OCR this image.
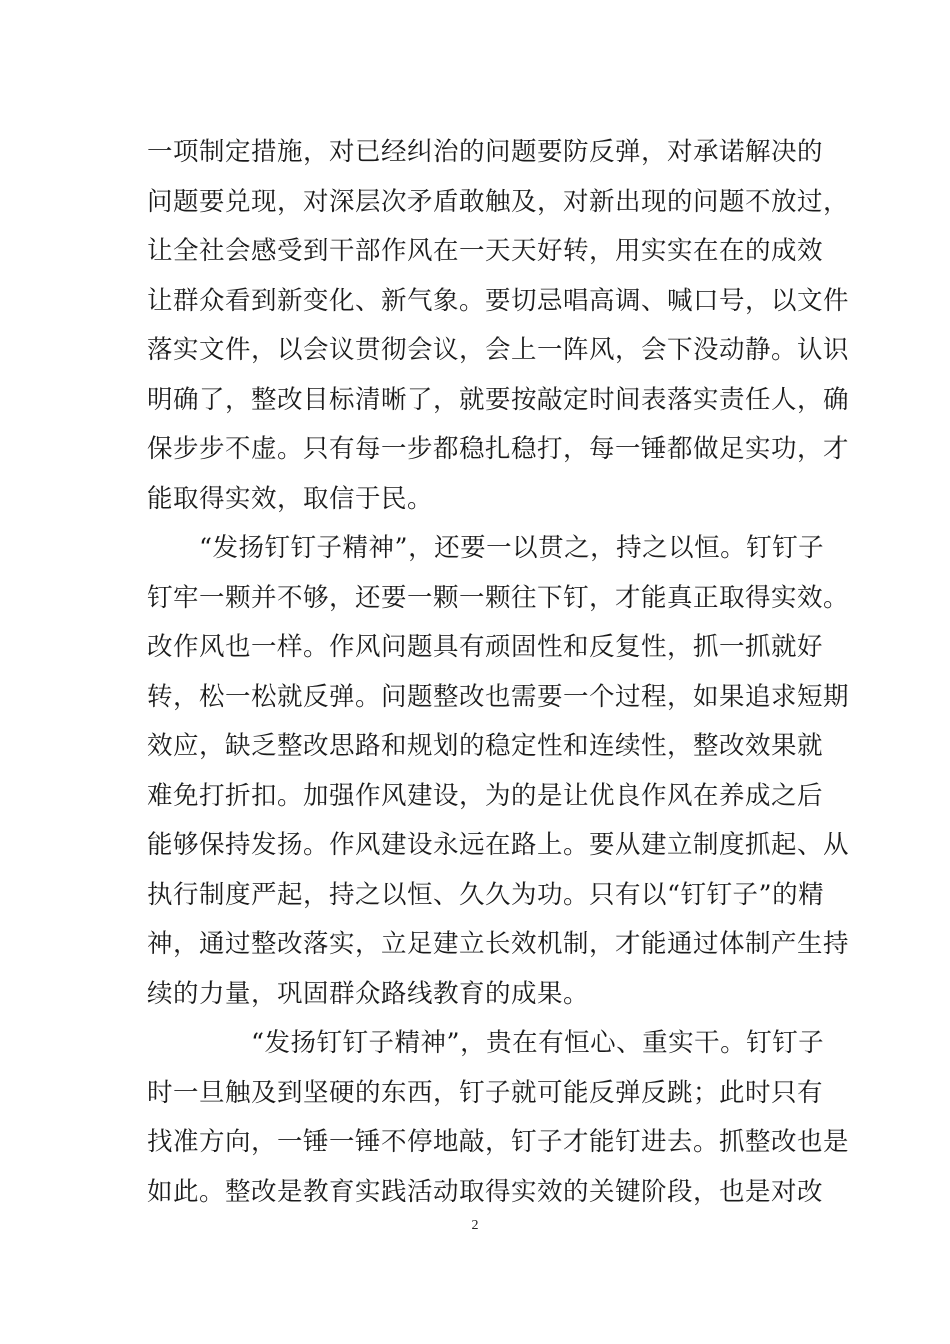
一项制定措施，对已经纠治的问题要防反弹，对承诺解决的
问题要兑现，对深层次矛盾敢触及，对新出现的问题不放过，
让全社会感受到干部作风在一天天好转，用实实在在的成效
让群众看到新变化、新气象。要切忌唱高调、喊口号，以文件
落实文件，以会议贯彻会议，会上一阵风，会下没动静。认识
明确了，整改目标清晰了，就要按敲定时间表落实责任人，确
保步步不虚。只有每一步都稳扎稳打，每一锤都做足实功，才
能取得实效，取信于民。
“发扬钉钉子精神”，还要一以贯之，持之以恒。钉钉子
钉牢一颗并不够，还要一颗一颗往下钉，才能真正取得实效。
改作风也一样。作风问题具有顽固性和反复性，抓一抓就好
转，松一松就反弹。问题整改也需要一个过程，如果追求短期
效应，缺乏整改思路和规划的稳定性和连续性，整改效果就
难免打折扣。加强作风建设，为的是让优良作风在养成之后
能够保持发扬。作风建设永远在路上。要从建立制度抓起、从
执行制度严起，持之以恒、久久为功。只有以“钉钉子”的精
神，通过整改落实，立足建立长效机制，才能通过体制产生持
续的力量，巩固群众路线教育的成果。
“发扬钉钉子精神”，贵在有恒心、重实干。钉钉子
时一旦触及到坚硬的东西，钉子就可能反弹反跳；此时只有
找准方向，一锤一锤不停地敲，钉子才能钉进去。抓整改也是
如此。整改是教育实践活动取得实效的关键阶段，也是对改
2
